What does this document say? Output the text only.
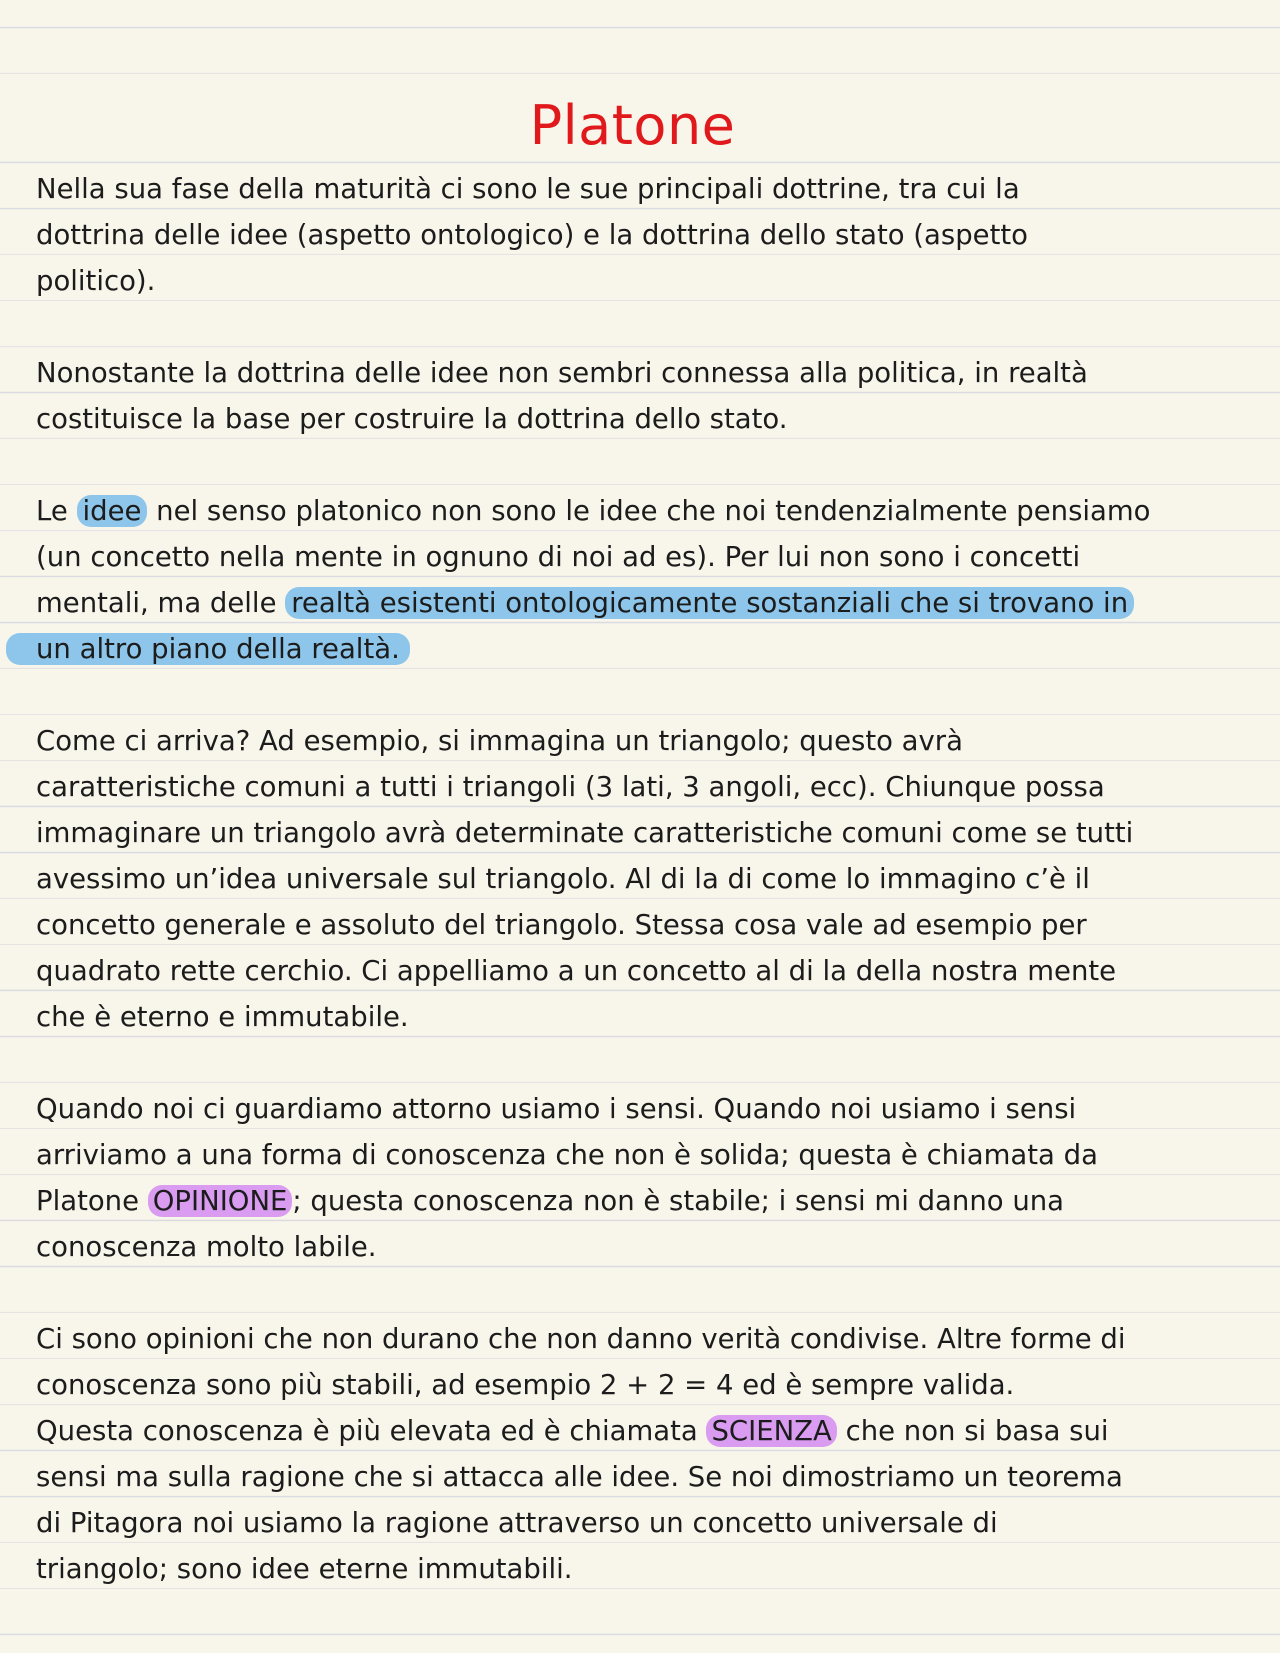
Platone

Nella sua fase della maturità ci sono le sue principali dottrine, tra cui la
dottrina delle idee (aspetto ontologico) e la dottrina dello stato (aspetto
politico).

Nonostante la dottrina delle idee non sembri connessa alla politica, in realtà
costituisce la base per costruire la dottrina dello stato.

Le idee nel senso platonico non sono le idee che noi tendenzialmente pensiamo
(un concetto nella mente in ognuno di noi ad es). Per lui non sono i concetti
mentali, ma delle realtà esistenti ontologicamente sostanziali che si trovano in
un altro piano della realtà.

Come ci arriva? Ad esempio, si immagina un triangolo; questo avrà
caratteristiche comuni a tutti i triangoli (3 lati, 3 angoli, ecc). Chiunque possa
immaginare un triangolo avrà determinate caratteristiche comuni come se tutti
avessimo un’idea universale sul triangolo. Al di la di come lo immagino c’è il
concetto generale e assoluto del triangolo. Stessa cosa vale ad esempio per
quadrato rette cerchio. Ci appelliamo a un concetto al di la della nostra mente
che è eterno e immutabile.

Quando noi ci guardiamo attorno usiamo i sensi. Quando noi usiamo i sensi
arriviamo a una forma di conoscenza che non è solida; questa è chiamata da
Platone OPINIONE ; questa conoscenza non è stabile; i sensi mi danno una
conoscenza molto labile.

Ci sono opinioni che non durano che non danno verità condivise. Altre forme di
conoscenza sono più stabili, ad esempio 2 + 2 = 4 ed è sempre valida.
Questa conoscenza è più elevata ed è chiamata SCIENZA che non si basa sui
sensi ma sulla ragione che si attacca alle idee. Se noi dimostriamo un teorema
di Pitagora noi usiamo la ragione attraverso un concetto universale di
triangolo; sono idee eterne immutabili.
